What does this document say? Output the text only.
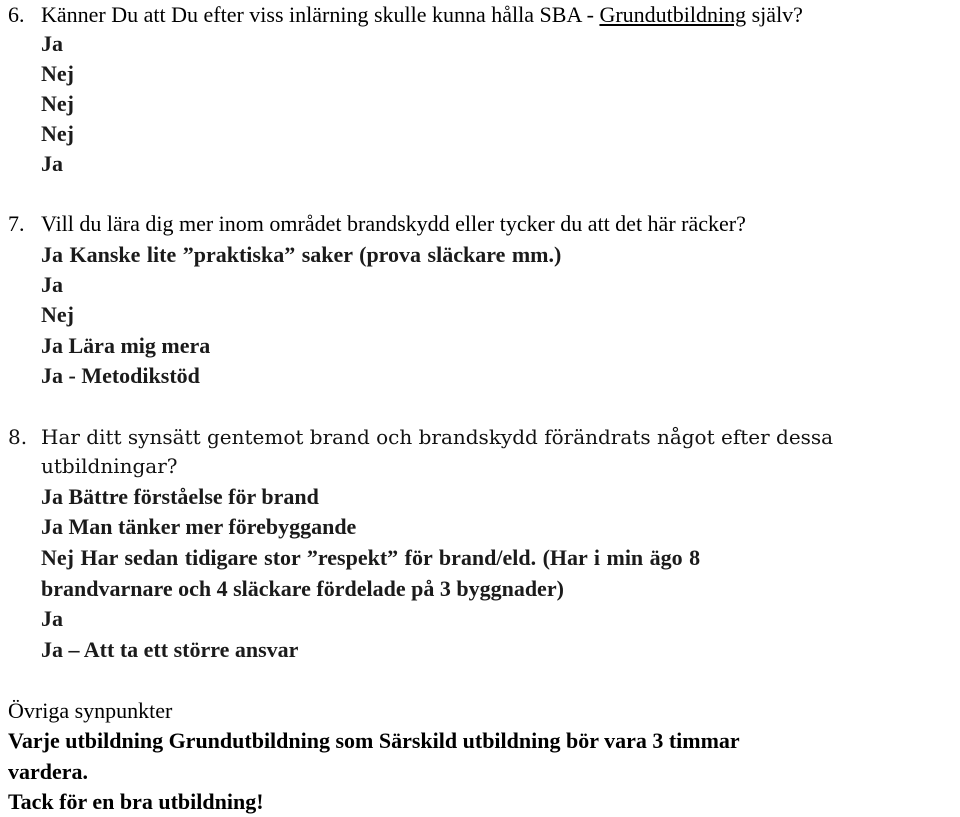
6. Känner Du att Du efter viss inlärning skulle kunna hålla SBA - Grundutbildning själv?
Ja
Nej
Nej
Nej
Ja
7. Vill du lära dig mer inom området brandskydd eller tycker du att det här räcker?
Ja Kanske lite ”praktiska” saker (prova släckare mm.)
Ja
Nej
Ja Lära mig mera
Ja - Metodikstöd
8. Har ditt synsätt gentemot brand och brandskydd förändrats något efter dessa
utbildningar?
Ja Bättre förståelse för brand
Ja Man tänker mer förebyggande
Nej Har sedan tidigare stor ”respekt” för brand/eld. (Har i min ägo 8
brandvarnare och 4 släckare fördelade på 3 byggnader)
Ja
Ja – Att ta ett större ansvar
Övriga synpunkter
Varje utbildning Grundutbildning som Särskild utbildning bör vara 3 timmar
vardera.
Tack för en bra utbildning!
